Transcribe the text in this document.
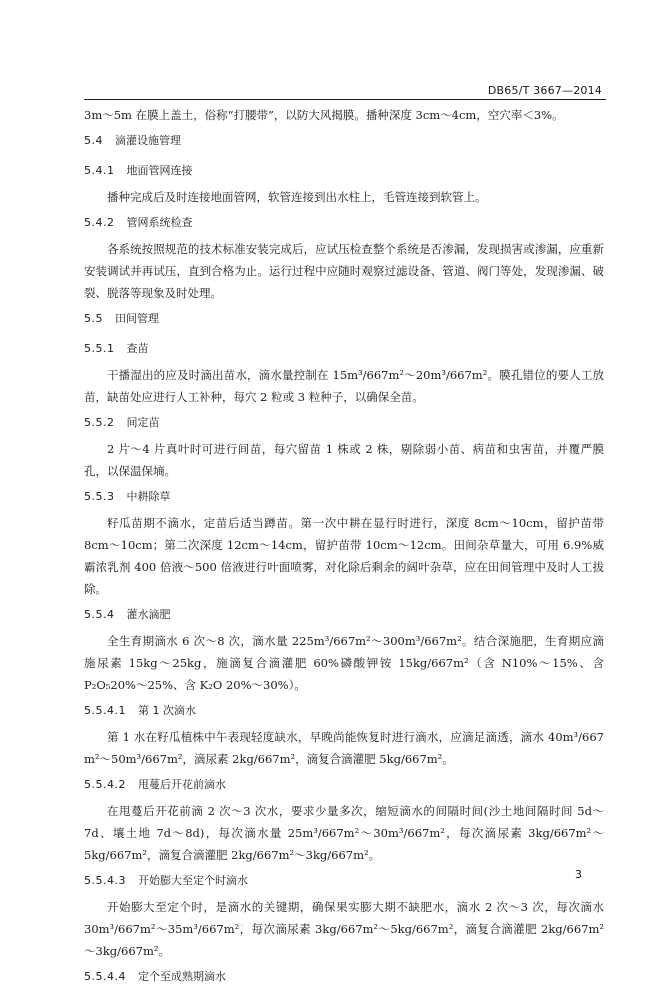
DB65/T 3667—2014

3m～5m 在膜上盖土，俗称“打腰带”，以防大风揭膜。播种深度 3cm～4cm，空穴率＜3%。

5.4 滴灌设施管理
5.4.1 地面管网连接

播种完成后及时连接地面管网，软管连接到出水柱上，毛管连接到软管上。

5.4.2 管网系统检查

各系统按照规范的技术标准安装完成后，应试压检查整个系统是否渗漏，发现损害或渗漏，应重新安装调试并再试压，直到合格为止。运行过程中应随时观察过滤设备、管道、阀门等处，发现渗漏、破裂、脱落等现象及时处理。

5.5 田间管理
5.5.1 查苗

干播湿出的应及时滴出苗水，滴水量控制在 15m³/667m²～20m³/667m²。膜孔错位的要人工放苗，缺苗处应进行人工补种，每穴 2 粒或 3 粒种子，以确保全苗。

5.5.2 间定苗

2 片～4 片真叶时可进行间苗，每穴留苗 1 株或 2 株，剔除弱小苗、病苗和虫害苗，并覆严膜孔，以保温保墒。

5.5.3 中耕除草

籽瓜苗期不滴水，定苗后适当蹲苗。第一次中耕在显行时进行，深度 8cm～10cm，留护苗带 8cm～10cm；第二次深度 12cm～14cm，留护苗带 10cm～12cm。田间杂草量大，可用 6.9%威霸浓乳剂 400 倍液～500 倍液进行叶面喷雾，对化除后剩余的阔叶杂草，应在田间管理中及时人工拔除。

5.5.4 灌水滴肥

全生育期滴水 6 次～8 次，滴水量 225m³/667m²～300m³/667m²。结合深施肥，生育期应滴施尿素 15kg～25kg，施滴复合滴灌肥 60%磷酸钾铵 15kg/667m²（含 N10%～15%、含 P₂O₅20%～25%、含 K₂O 20%～30%）。

5.5.4.1 第 1 次滴水

第 1 水在籽瓜植株中午表现轻度缺水，早晚尚能恢复时进行滴水，应滴足滴透，滴水 40m³/667 m²～50m³/667m²，滴尿素 2kg/667m²，滴复合滴灌肥 5kg/667m²。

5.5.4.2 甩蔓后开花前滴水

在甩蔓后开花前滴 2 次～3 次水，要求少量多次，缩短滴水的间隔时间(沙土地间隔时间 5d～7d、壤土地 7d～8d)，每次滴水量 25m³/667m²～30m³/667m²，每次滴尿素 3kg/667m²～5kg/667m²，滴复合滴灌肥 2kg/667m²～3kg/667m²。

5.5.4.3 开始膨大至定个时滴水

开始膨大至定个时，是滴水的关键期，确保果实膨大期不缺肥水，滴水 2 次～3 次，每次滴水 30m³/667m²～35m³/667m²，每次滴尿素 3kg/667m²～5kg/667m²，滴复合滴灌肥 2kg/667m²～3kg/667m²。

5.5.4.4 定个至成熟期滴水
3
